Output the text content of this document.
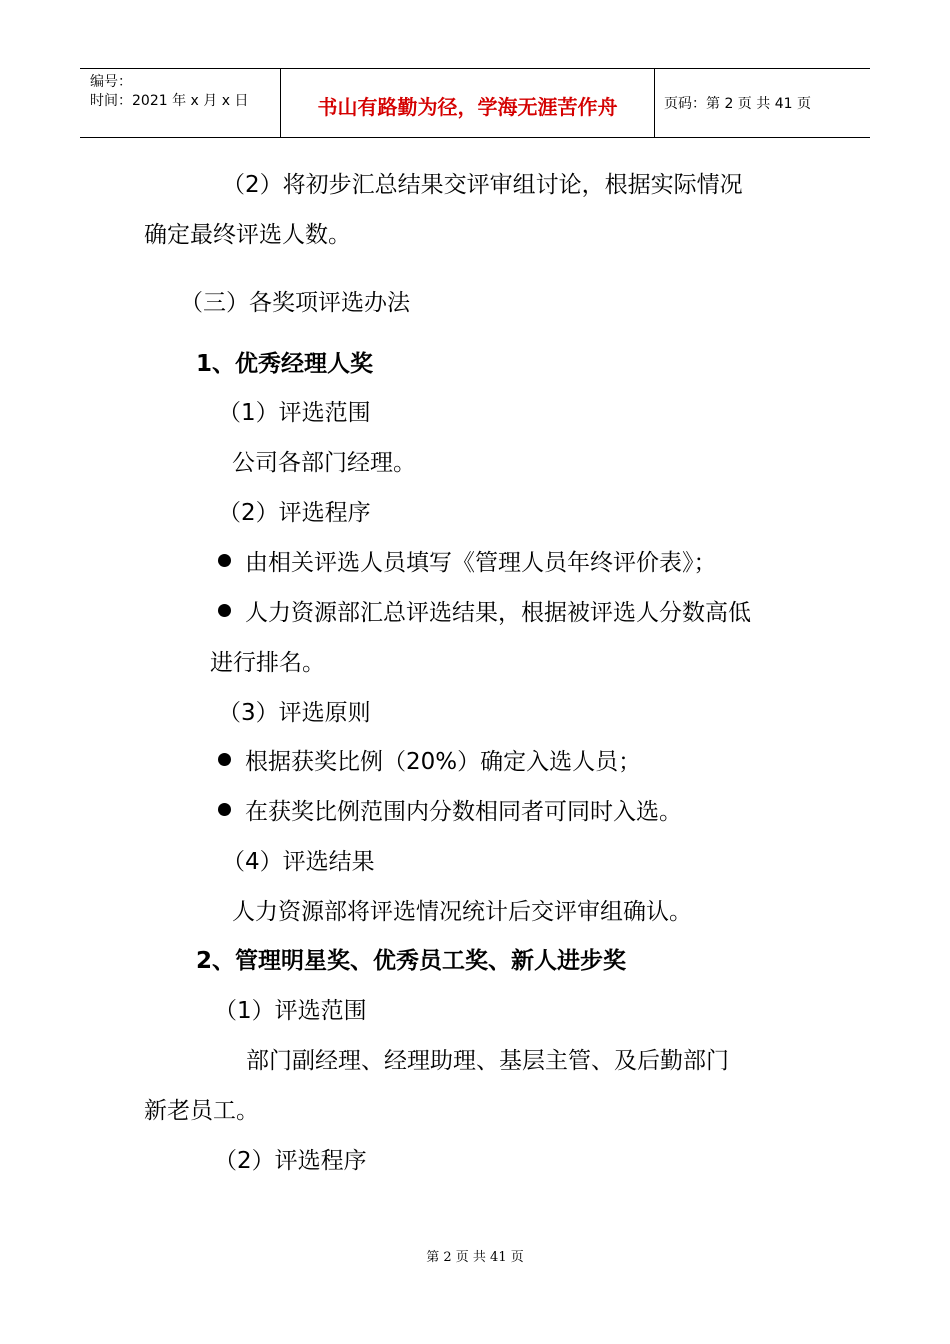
编号：
时间：2021 年 x 月 x 日	书山有路勤为径，学海无涯苦作舟	页码：第 2 页 共 41 页
（2）将初步汇总结果交评审组讨论，根据实际情况
确定最终评选人数。
（三）各奖项评选办法
1、优秀经理人奖
（1）评选范围
公司各部门经理。
（2）评选程序
由相关评选人员填写《管理人员年终评价表》；
人力资源部汇总评选结果，根据被评选人分数高低
进行排名。
（3）评选原则
根据获奖比例（20%）确定入选人员；
在获奖比例范围内分数相同者可同时入选。
（4）评选结果
人力资源部将评选情况统计后交评审组确认。
2、管理明星奖、优秀员工奖、新人进步奖
（1）评选范围
部门副经理、经理助理、基层主管、及后勤部门
新老员工。
（2）评选程序
第 2 页 共 41 页
